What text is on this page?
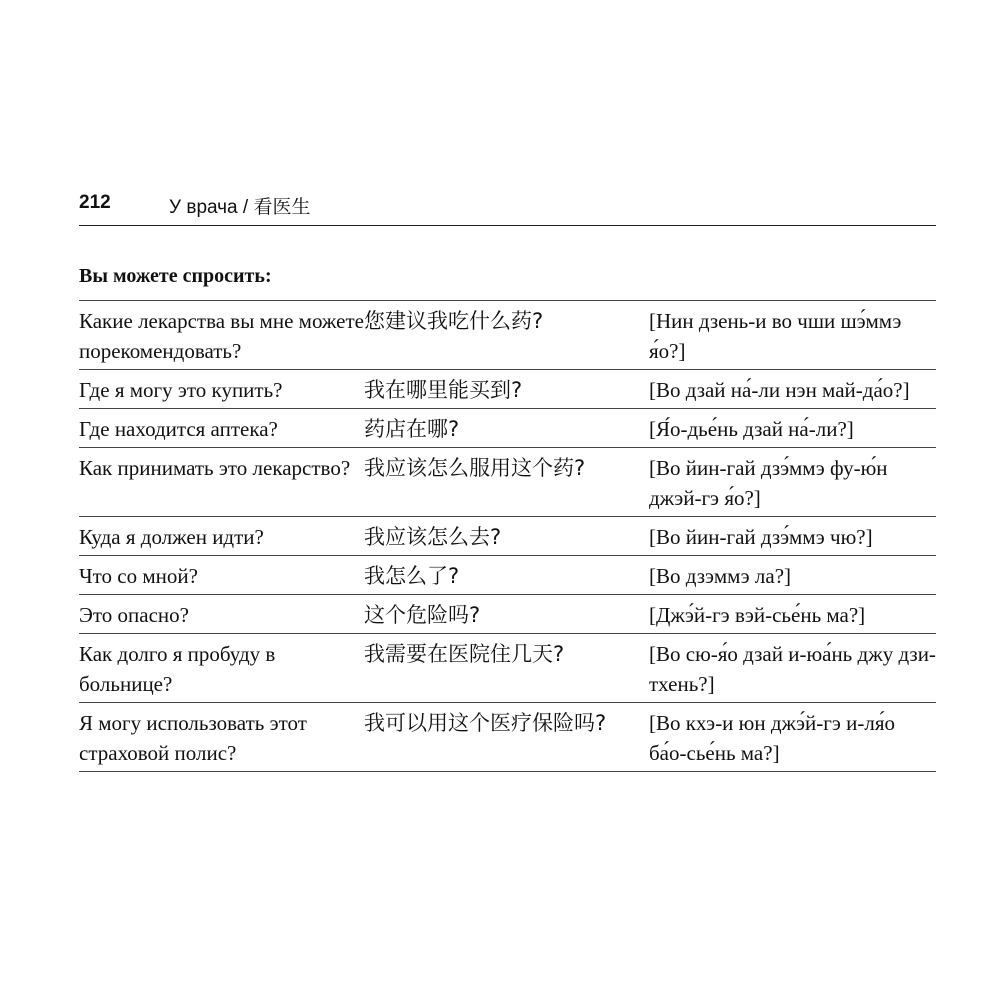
212	У врача / 看医生
Вы можете спросить:
Какие лекарства вы мне можете порекомендовать?	您建议我吃什么药?	[Нин дзень-и во чши шэ́ммэ я́о?]
Где я могу это купить?	我在哪里能买到?	[Во дзай на́-ли нэн май-да́о?]
Где находится аптека?	药店在哪?	[Я́о-дье́нь дзай на́-ли?]
Как принимать это лекарство?	我应该怎么服用这个药?	[Во йин-гай дзэ́ммэ фу-ю́н джэй-гэ я́о?]
Куда я должен идти?	我应该怎么去?	[Во йин-гай дзэ́ммэ чю?]
Что со мной?	我怎么了?	[Во дзэммэ ла?]
Это опасно?	这个危险吗?	[Джэ́й-гэ вэй-сье́нь ма?]
Как долго я пробуду в больнице?	我需要在医院住几天?	[Во сю-я́о дзай и-юа́нь джу дзи-тхень?]
Я могу использовать этот страховой полис?	我可以用这个医疗保险吗?	[Во кхэ-и юн джэ́й-гэ и-ля́о ба́о-сье́нь ма?]
